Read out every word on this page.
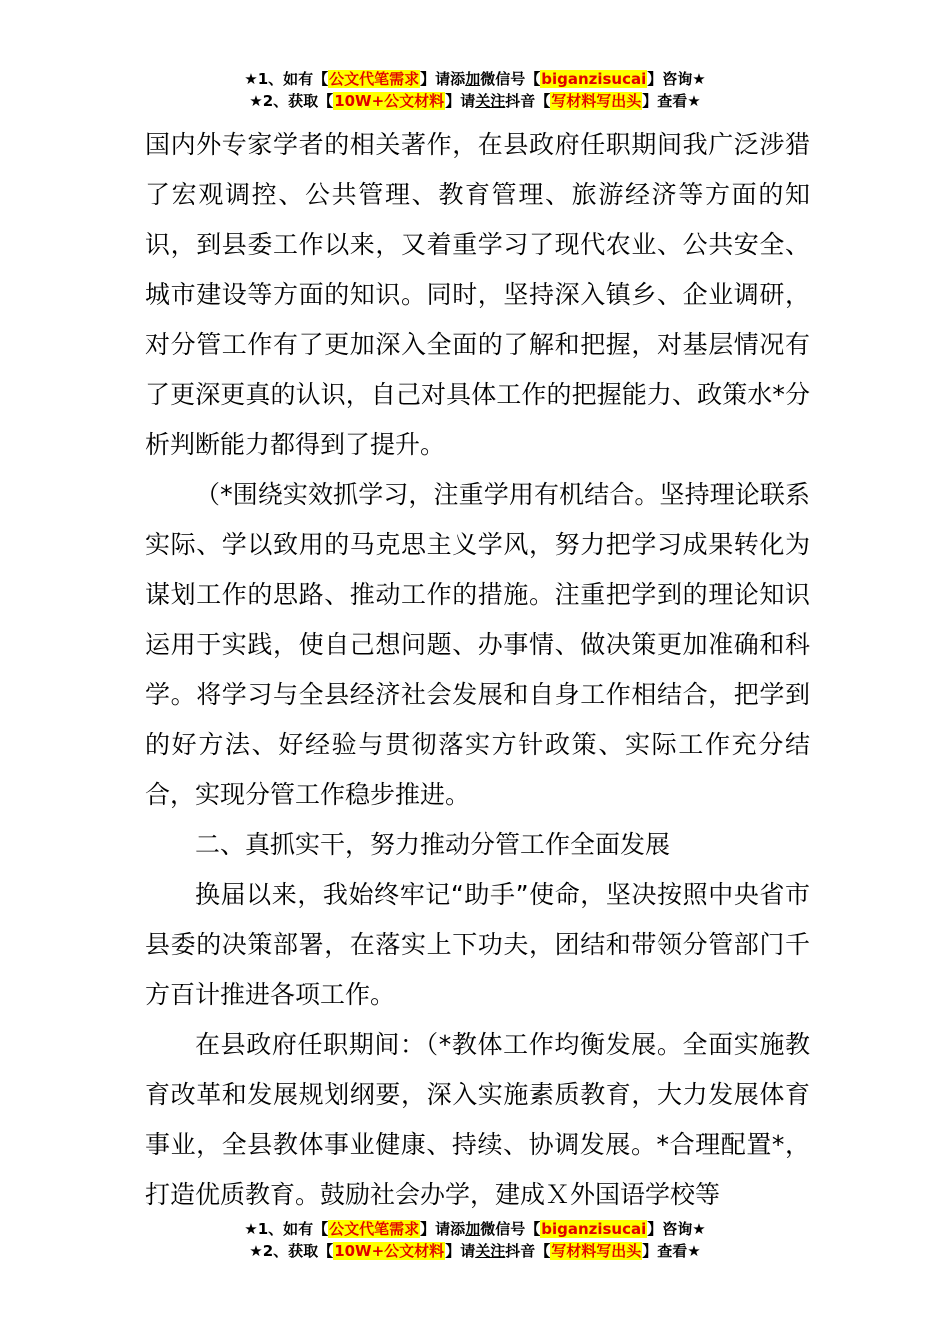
★1、如有【公文代笔需求】请添加微信号【biganzisucai】咨询★
★2、获取【10W+公文材料】请关注抖音【写材料写出头】查看★

国内外专家学者的相关著作，在县政府任职期间我广泛涉猎了宏观调控、公共管理、教育管理、旅游经济等方面的知识，到县委工作以来，又着重学习了现代农业、公共安全、城市建设等方面的知识。同时，坚持深入镇乡、企业调研，对分管工作有了更加深入全面的了解和把握，对基层情况有了更深更真的认识，自己对具体工作的把握能力、政策水*分析判断能力都得到了提升。

（*围绕实效抓学习，注重学用有机结合。坚持理论联系实际、学以致用的马克思主义学风，努力把学习成果转化为谋划工作的思路、推动工作的措施。注重把学到的理论知识运用于实践，使自己想问题、办事情、做决策更加准确和科学。将学习与全县经济社会发展和自身工作相结合，把学到的好方法、好经验与贯彻落实方针政策、实际工作充分结合，实现分管工作稳步推进。

二、真抓实干，努力推动分管工作全面发展

换届以来，我始终牢记“助手”使命，坚决按照中央省市县委的决策部署，在落实上下功夫，团结和带领分管部门千方百计推进各项工作。

在县政府任职期间：（*教体工作均衡发展。全面实施教育改革和发展规划纲要，深入实施素质教育，大力发展体育事业，全县教体事业健康、持续、协调发展。*合理配置*，打造优质教育。鼓励社会办学，建成Ｘ外国语学校等

★1、如有【公文代笔需求】请添加微信号【biganzisucai】咨询★
★2、获取【10W+公文材料】请关注抖音【写材料写出头】查看★
